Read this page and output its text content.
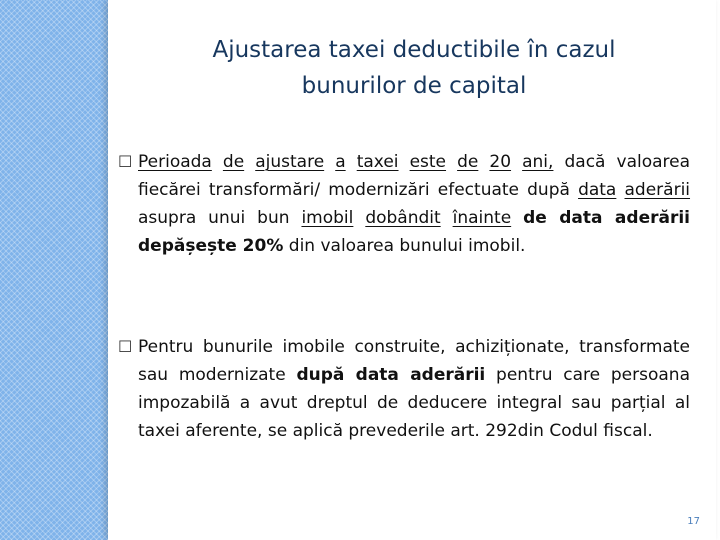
Ajustarea taxei deductibile în cazul
bunurilor de capital
☐ Perioada de ajustare a taxei este de 20 ani, dacă valoarea fiecărei transformări/ modernizări efectuate după data aderării asupra unui bun imobil dobândit înainte de data aderării depășește 20% din valoarea bunului imobil.
☐ Pentru bunurile imobile construite, achiziționate, transformate sau modernizate după data aderării pentru care persoana impozabilă a avut dreptul de deducere integral sau parțial al taxei aferente, se aplică prevederile art. 292din Codul fiscal.
17
